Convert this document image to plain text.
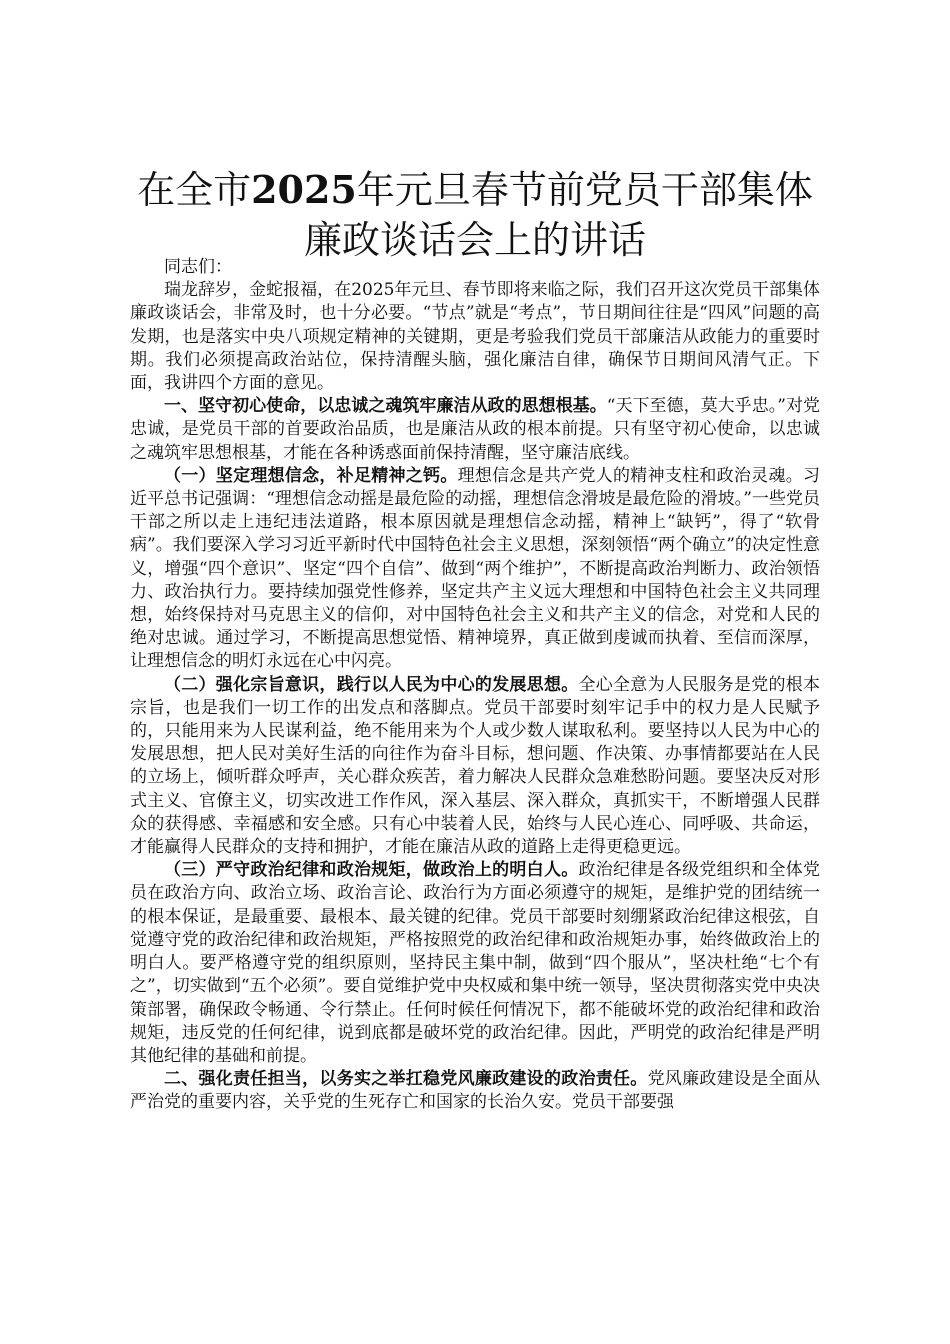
在全市2025年元旦春节前党员干部集体廉政谈话会上的讲话

同志们：

瑞龙辞岁，金蛇报福，在2025年元旦、春节即将来临之际，我们召开这次党员干部集体廉政谈话会，非常及时，也十分必要。“节点”就是“考点”，节日期间往往是“四风”问题的高发期，也是落实中央八项规定精神的关键期，更是考验我们党员干部廉洁从政能力的重要时期。我们必须提高政治站位，保持清醒头脑，强化廉洁自律，确保节日期间风清气正。下面，我讲四个方面的意见。

一、坚守初心使命，以忠诚之魂筑牢廉洁从政的思想根基。“天下至德，莫大乎忠。”对党忠诚，是党员干部的首要政治品质，也是廉洁从政的根本前提。只有坚守初心使命，以忠诚之魂筑牢思想根基，才能在各种诱惑面前保持清醒，坚守廉洁底线。

（一）坚定理想信念，补足精神之钙。理想信念是共产党人的精神支柱和政治灵魂。习近平总书记强调：“理想信念动摇是最危险的动摇，理想信念滑坡是最危险的滑坡。”一些党员干部之所以走上违纪违法道路，根本原因就是理想信念动摇，精神上“缺钙”，得了“软骨病”。我们要深入学习习近平新时代中国特色社会主义思想，深刻领悟“两个确立”的决定性意义，增强“四个意识”、坚定“四个自信”、做到“两个维护”，不断提高政治判断力、政治领悟力、政治执行力。要持续加强党性修养，坚定共产主义远大理想和中国特色社会主义共同理想，始终保持对马克思主义的信仰，对中国特色社会主义和共产主义的信念，对党和人民的绝对忠诚。通过学习，不断提高思想觉悟、精神境界，真正做到虔诚而执着、至信而深厚，让理想信念的明灯永远在心中闪亮。

（二）强化宗旨意识，践行以人民为中心的发展思想。全心全意为人民服务是党的根本宗旨，也是我们一切工作的出发点和落脚点。党员干部要时刻牢记手中的权力是人民赋予的，只能用来为人民谋利益，绝不能用来为个人或少数人谋取私利。要坚持以人民为中心的发展思想，把人民对美好生活的向往作为奋斗目标，想问题、作决策、办事情都要站在人民的立场上，倾听群众呼声，关心群众疾苦，着力解决人民群众急难愁盼问题。要坚决反对形式主义、官僚主义，切实改进工作作风，深入基层、深入群众，真抓实干，不断增强人民群众的获得感、幸福感和安全感。只有心中装着人民，始终与人民心连心、同呼吸、共命运，才能赢得人民群众的支持和拥护，才能在廉洁从政的道路上走得更稳更远。

（三）严守政治纪律和政治规矩，做政治上的明白人。政治纪律是各级党组织和全体党员在政治方向、政治立场、政治言论、政治行为方面必须遵守的规矩，是维护党的团结统一的根本保证，是最重要、最根本、最关键的纪律。党员干部要时刻绷紧政治纪律这根弦，自觉遵守党的政治纪律和政治规矩，严格按照党的政治纪律和政治规矩办事，始终做政治上的明白人。要严格遵守党的组织原则，坚持民主集中制，做到“四个服从”，坚决杜绝“七个有之”，切实做到“五个必须”。要自觉维护党中央权威和集中统一领导，坚决贯彻落实党中央决策部署，确保政令畅通、令行禁止。任何时候任何情况下，都不能破坏党的政治纪律和政治规矩，违反党的任何纪律，说到底都是破坏党的政治纪律。因此，严明党的政治纪律是严明其他纪律的基础和前提。

二、强化责任担当，以务实之举扛稳党风廉政建设的政治责任。党风廉政建设是全面从严治党的重要内容，关乎党的生死存亡和国家的长治久安。党员干部要强
